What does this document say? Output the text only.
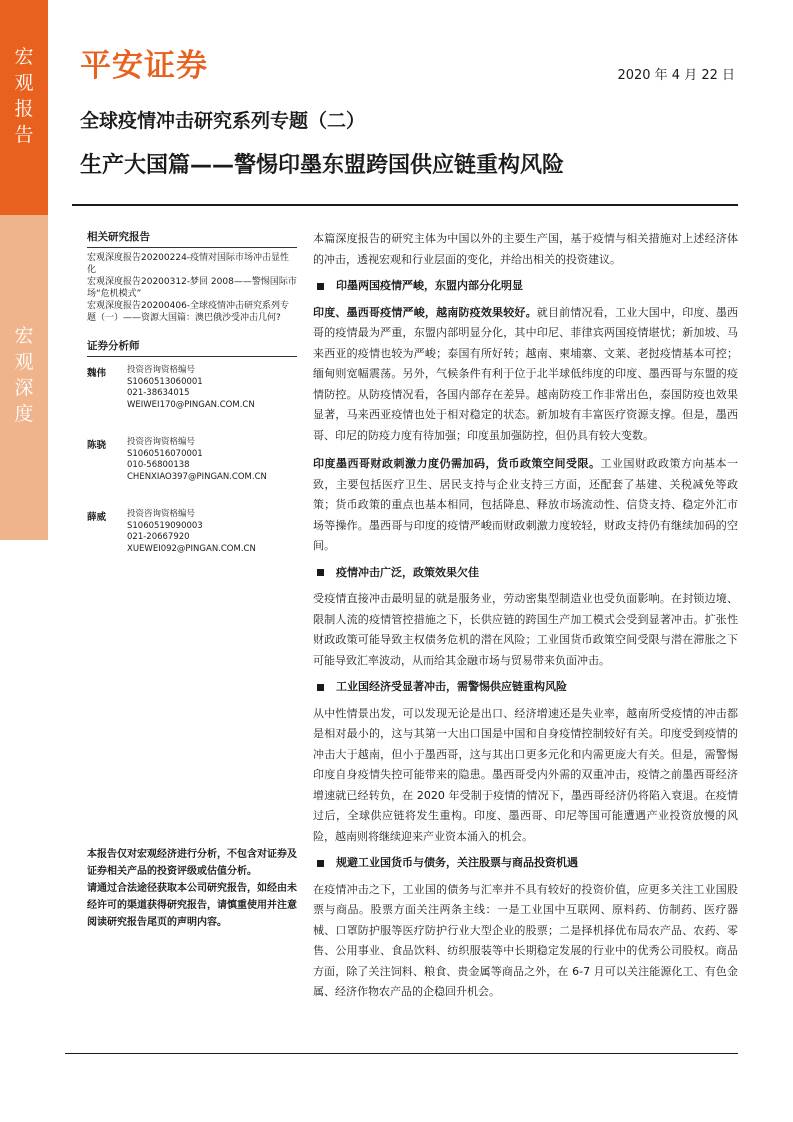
宏
观
报
告
宏
观
深
度
平安证券	2020 年 4 月 22 日
全球疫情冲击研究系列专题（二）
生产大国篇——警惕印墨东盟跨国供应链重构风险
相关研究报告
宏观深度报告20200224-疫情对国际市场冲击显性化
宏观深度报告20200312-梦回 2008——警惕国际市场“危机模式”
宏观深度报告20200406-全球疫情冲击研究系列专题（一）——资源大国篇：澳巴俄沙受冲击几何?
证券分析师
魏伟	投资咨询资格编号
S1060513060001
021-38634015
WEIWEI170@PINGAN.COM.CN
陈骁	投资咨询资格编号
S1060516070001
010-56800138
CHENXIAO397@PINGAN.COM.CN
薛威	投资咨询资格编号
S1060519090003
021-20667920
XUEWEI092@PINGAN.COM.CN
本报告仅对宏观经济进行分析，不包含对证券及证券相关产品的投资评级或估值分析。
请通过合法途径获取本公司研究报告，如经由未经许可的渠道获得研究报告，请慎重使用并注意阅读研究报告尾页的声明内容。

本篇深度报告的研究主体为中国以外的主要生产国，基于疫情与相关措施对上述经济体的冲击，透视宏观和行业层面的变化，并给出相关的投资建议。

印墨两国疫情严峻，东盟内部分化明显

印度、墨西哥疫情严峻，越南防疫效果较好。就目前情况看，工业大国中，印度、墨西哥的疫情最为严重，东盟内部明显分化，其中印尼、菲律宾两国疫情堪忧；新加坡、马来西亚的疫情也较为严峻；泰国有所好转；越南、柬埔寨、文莱、老挝疫情基本可控；缅甸则宽幅震荡。另外，气候条件有利于位于北半球低纬度的印度、墨西哥与东盟的疫情防控。从防疫情况看，各国内部存在差异。越南防疫工作非常出色，泰国防疫也效果显著，马来西亚疫情也处于相对稳定的状态。新加坡有丰富医疗资源支撑。但是，墨西哥、印尼的防疫力度有待加强；印度虽加强防控，但仍具有较大变数。

印度墨西哥财政刺激力度仍需加码，货币政策空间受限。工业国财政政策方向基本一致，主要包括医疗卫生、居民支持与企业支持三方面，还配套了基建、关税减免等政策；货币政策的重点也基本相同，包括降息、释放市场流动性、信贷支持、稳定外汇市场等操作。墨西哥与印度的疫情严峻而财政刺激力度较轻，财政支持仍有继续加码的空间。

疫情冲击广泛，政策效果欠佳

受疫情直接冲击最明显的就是服务业，劳动密集型制造业也受负面影响。在封锁边境、限制人流的疫情管控措施之下，长供应链的跨国生产加工模式会受到显著冲击。扩张性财政政策可能导致主权债务危机的潜在风险；工业国货币政策空间受限与潜在滞胀之下可能导致汇率波动，从而给其金融市场与贸易带来负面冲击。

工业国经济受显著冲击，需警惕供应链重构风险

从中性情景出发，可以发现无论是出口、经济增速还是失业率，越南所受疫情的冲击都是相对最小的，这与其第一大出口国是中国和自身疫情控制较好有关。印度受到疫情的冲击大于越南，但小于墨西哥，这与其出口更多元化和内需更庞大有关。但是，需警惕印度自身疫情失控可能带来的隐患。墨西哥受内外需的双重冲击，疫情之前墨西哥经济增速就已经转负，在 2020 年受制于疫情的情况下，墨西哥经济仍将陷入衰退。在疫情过后，全球供应链将发生重构。印度、墨西哥、印尼等国可能遭遇产业投资放慢的风险，越南则将继续迎来产业资本涌入的机会。

规避工业国货币与债务，关注股票与商品投资机遇

在疫情冲击之下，工业国的债务与汇率并不具有较好的投资价值，应更多关注工业国股票与商品。股票方面关注两条主线：一是工业国中互联网、原料药、仿制药、医疗器械、口罩防护服等医疗防护行业大型企业的股票；二是择机择优布局农产品、农药、零售、公用事业、食品饮料、纺织服装等中长期稳定发展的行业中的优秀公司股权。商品方面，除了关注饲料、粮食、贵金属等商品之外，在 6-7 月可以关注能源化工、有色金属、经济作物农产品的企稳回升机会。
